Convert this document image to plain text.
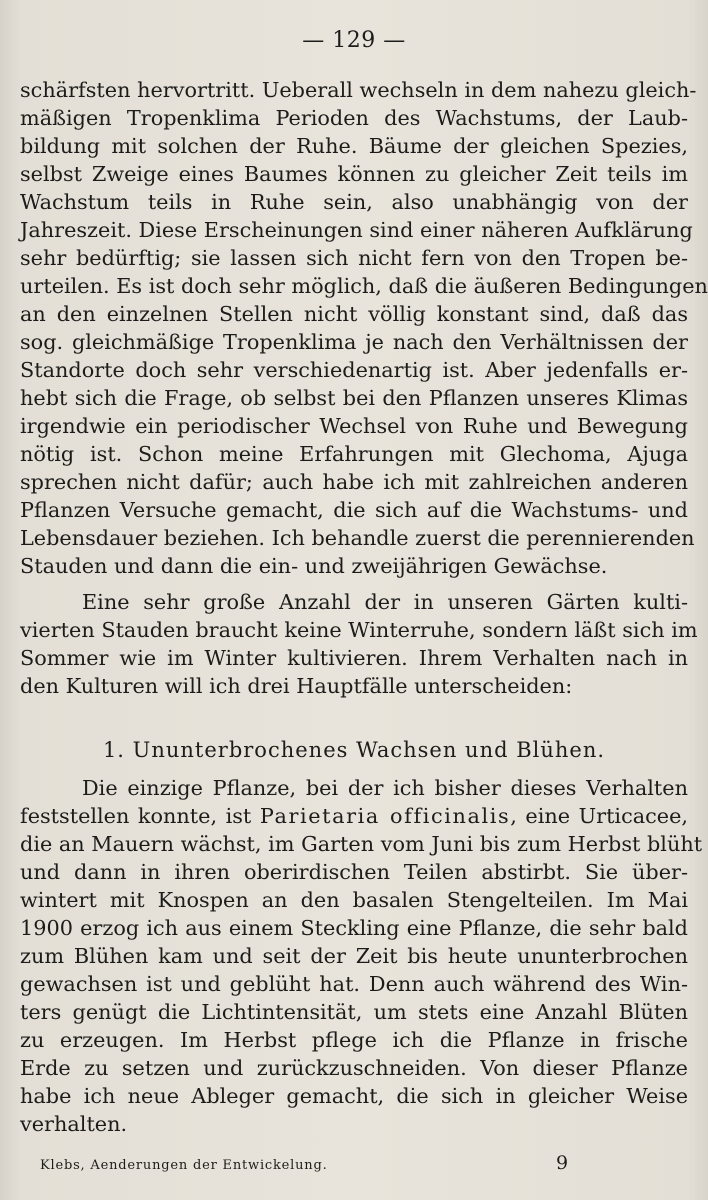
— 129 —
schärfsten hervortritt. Ueberall wechseln in dem nahezu gleich-
mäßigen Tropenklima Perioden des Wachstums, der Laub-
bildung mit solchen der Ruhe. Bäume der gleichen Spezies,
selbst Zweige eines Baumes können zu gleicher Zeit teils im
Wachstum teils in Ruhe sein, also unabhängig von der
Jahreszeit. Diese Erscheinungen sind einer näheren Aufklärung
sehr bedürftig; sie lassen sich nicht fern von den Tropen be-
urteilen. Es ist doch sehr möglich, daß die äußeren Bedingungen
an den einzelnen Stellen nicht völlig konstant sind, daß das
sog. gleichmäßige Tropenklima je nach den Verhältnissen der
Standorte doch sehr verschiedenartig ist. Aber jedenfalls er-
hebt sich die Frage, ob selbst bei den Pflanzen unseres Klimas
irgendwie ein periodischer Wechsel von Ruhe und Bewegung
nötig ist. Schon meine Erfahrungen mit Glechoma, Ajuga
sprechen nicht dafür; auch habe ich mit zahlreichen anderen
Pflanzen Versuche gemacht, die sich auf die Wachstums- und
Lebensdauer beziehen. Ich behandle zuerst die perennierenden
Stauden und dann die ein- und zweijährigen Gewächse.
Eine sehr große Anzahl der in unseren Gärten kulti-
vierten Stauden braucht keine Winterruhe, sondern läßt sich im
Sommer wie im Winter kultivieren. Ihrem Verhalten nach in
den Kulturen will ich drei Hauptfälle unterscheiden:
1. Ununterbrochenes Wachsen und Blühen.
Die einzige Pflanze, bei der ich bisher dieses Verhalten
feststellen konnte, ist Parietaria officinalis, eine Urticacee,
die an Mauern wächst, im Garten vom Juni bis zum Herbst blüht
und dann in ihren oberirdischen Teilen abstirbt. Sie über-
wintert mit Knospen an den basalen Stengelteilen. Im Mai
1900 erzog ich aus einem Steckling eine Pflanze, die sehr bald
zum Blühen kam und seit der Zeit bis heute ununterbrochen
gewachsen ist und geblüht hat. Denn auch während des Win-
ters genügt die Lichtintensität, um stets eine Anzahl Blüten
zu erzeugen. Im Herbst pflege ich die Pflanze in frische
Erde zu setzen und zurückzuschneiden. Von dieser Pflanze
habe ich neue Ableger gemacht, die sich in gleicher Weise
verhalten.
Klebs, Aenderungen der Entwickelung.	9
